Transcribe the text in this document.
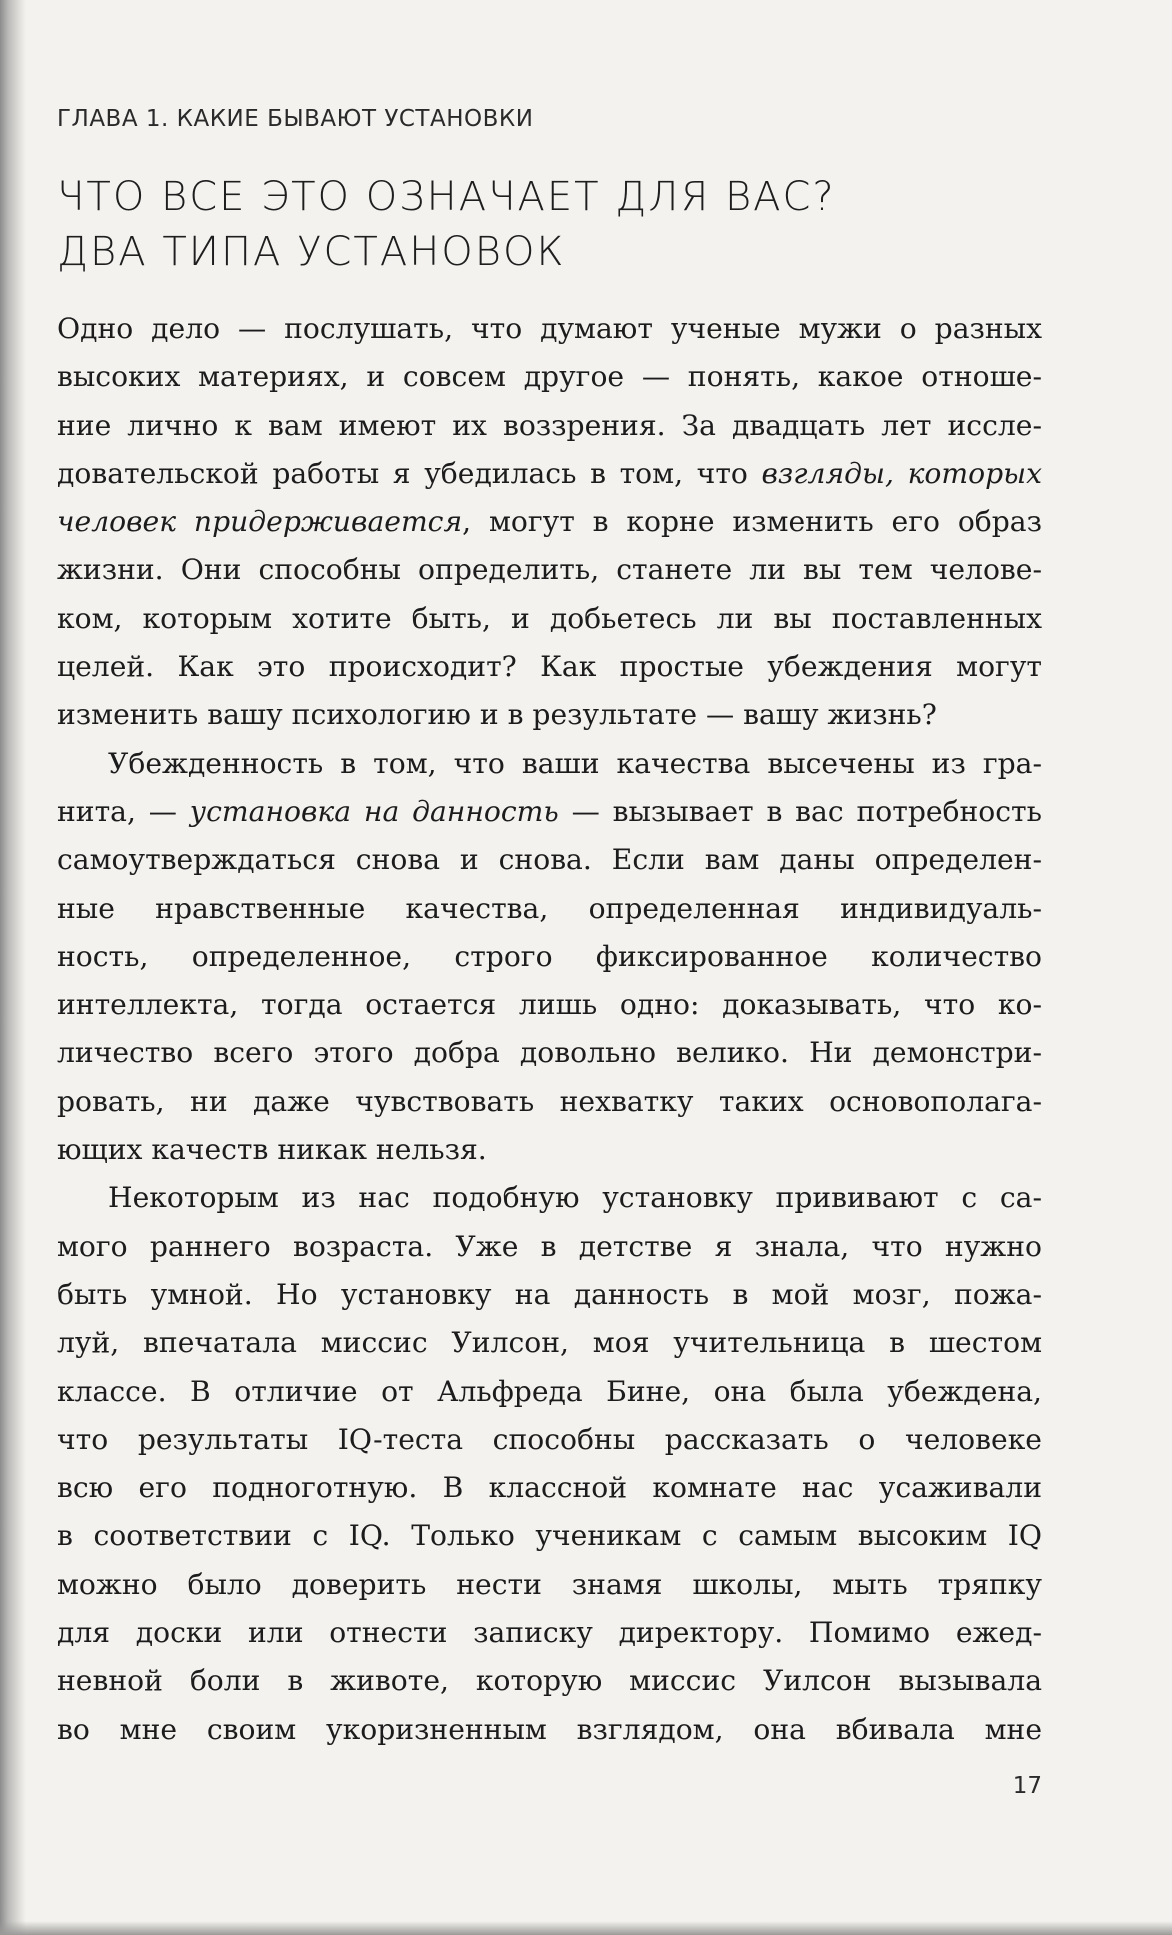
ГЛАВА 1. КАКИЕ БЫВАЮТ УСТАНОВКИ
ЧТО ВСЕ ЭТО ОЗНАЧАЕТ ДЛЯ ВАС?
ДВА ТИПА УСТАНОВОК
Одно дело — послушать, что думают ученые мужи о разных
высоких материях, и совсем другое — понять, какое отноше-
ние лично к вам имеют их воззрения. За двадцать лет иссле-
довательской работы я убедилась в том, что взгляды, которых
человек придерживается, могут в корне изменить его образ
жизни. Они способны определить, станете ли вы тем челове-
ком, которым хотите быть, и добьетесь ли вы поставленных
целей. Как это происходит? Как простые убеждения могут
изменить вашу психологию и в результате — вашу жизнь?
Убежденность в том, что ваши качества высечены из гра-
нита, — установка на данность — вызывает в вас потребность
самоутверждаться снова и снова. Если вам даны определен-
ные нравственные качества, определенная индивидуаль-
ность, определенное, строго фиксированное количество
интеллекта, тогда остается лишь одно: доказывать, что ко-
личество всего этого добра довольно велико. Ни демонстри-
ровать, ни даже чувствовать нехватку таких основополага-
ющих качеств никак нельзя.
Некоторым из нас подобную установку прививают с са-
мого раннего возраста. Уже в детстве я знала, что нужно
быть умной. Но установку на данность в мой мозг, пожа-
луй, впечатала миссис Уилсон, моя учительница в шестом
классе. В отличие от Альфреда Бине, она была убеждена,
что результаты IQ-теста способны рассказать о человеке
всю его подноготную. В классной комнате нас усаживали
в соответствии с IQ. Только ученикам с самым высоким IQ
можно было доверить нести знамя школы, мыть тряпку
для доски или отнести записку директору. Помимо ежед-
невной боли в животе, которую миссис Уилсон вызывала
во мне своим укоризненным взглядом, она вбивала мне
17
